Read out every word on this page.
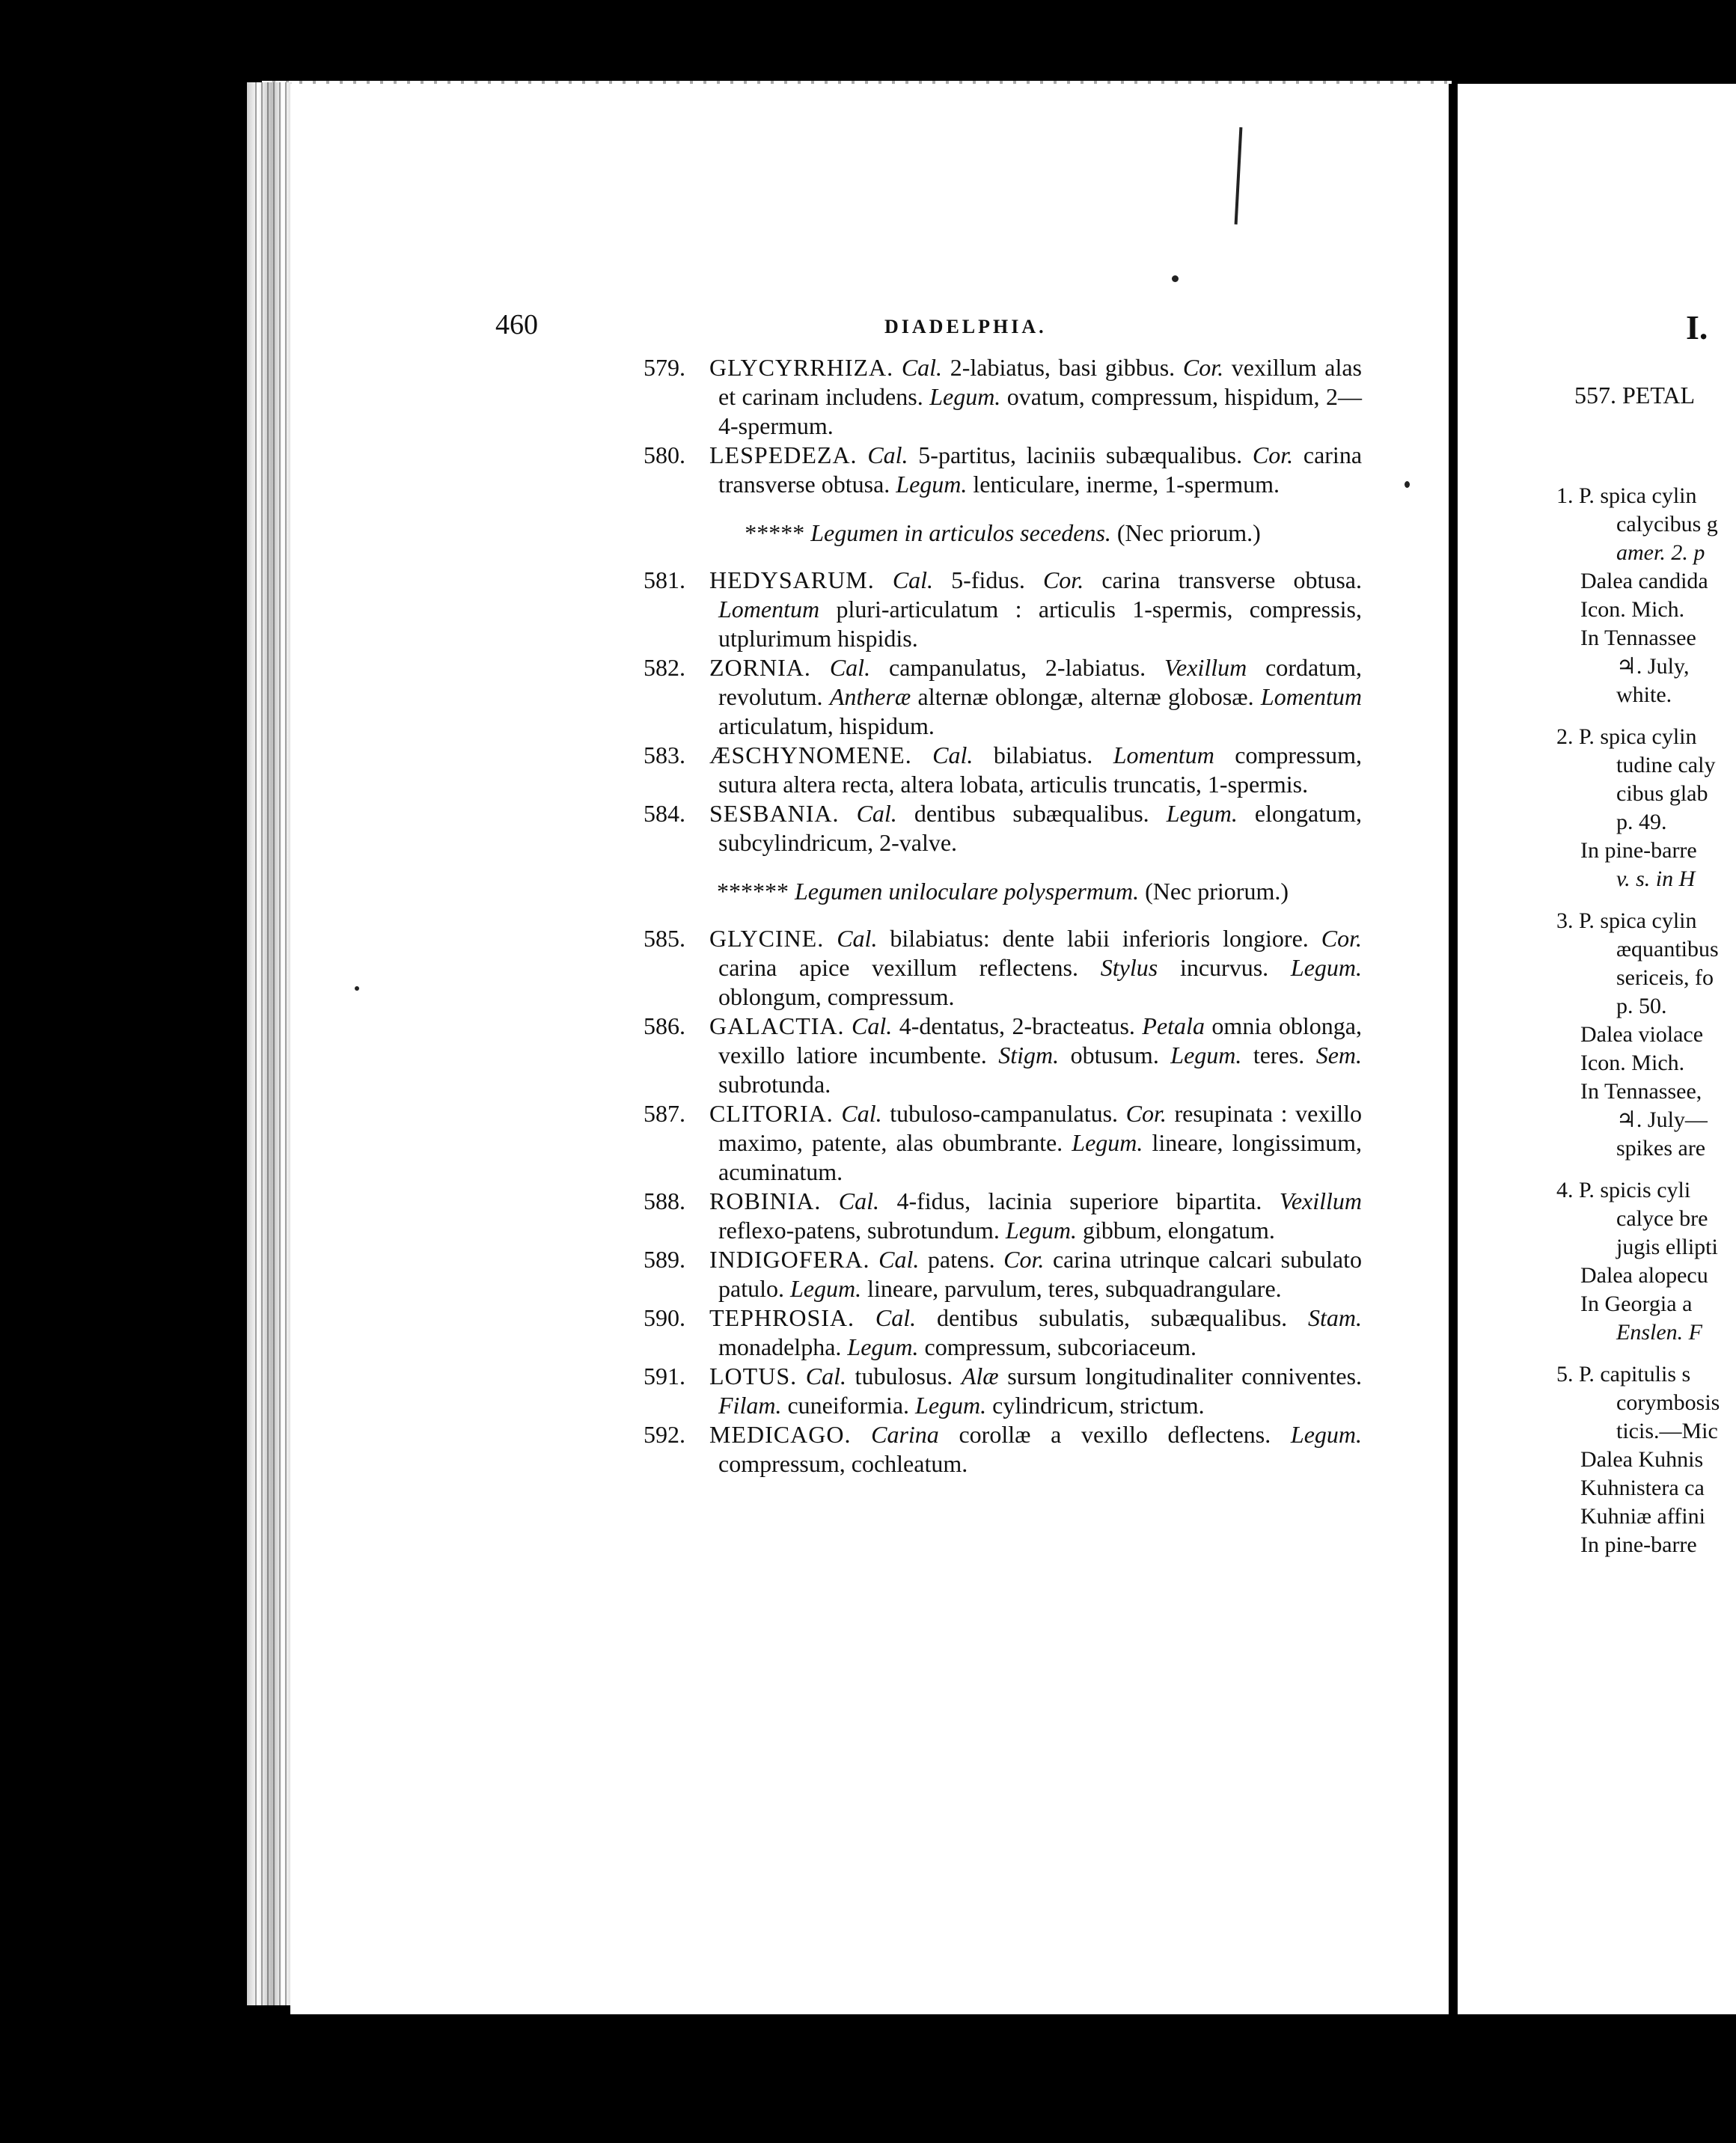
I.
557. PETAL
1. P. spica cylin
calycibus g
amer. 2. p
Dalea candida
Icon. Mich.
In Tennassee
♃. July,
white.
2. P. spica cylin
tudine caly
cibus glab
p. 49.
In pine-barre
v. s. in H
3. P. spica cylin
æquantibus
sericeis, fo
p. 50.
Dalea violace
Icon. Mich.
In Tennassee,
♃. July—
spikes are
4. P. spicis cyli
calyce bre
jugis ellipti
Dalea alopecu
In Georgia a
Enslen. F
5. P. capitulis s
corymbosis
ticis.—Mic
Dalea Kuhnis
Kuhnistera ca
Kuhniæ affini
In pine-barre
460	DIADELPHIA.

579. GLYCYRRHIZA. Cal. 2-labiatus, basi gibbus. Cor. vexillum alas et carinam includens. Legum. ovatum, compressum, hispidum, 2—4-spermum.

580. LESPEDEZA. Cal. 5-partitus, laciniis subæqualibus. Cor. carina transverse obtusa. Legum. lenticulare, inerme, 1-spermum.

***** Legumen in articulos secedens. (Nec priorum.)

581. HEDYSARUM. Cal. 5-fidus. Cor. carina transverse obtusa. Lomentum pluri-articulatum : articulis 1-spermis, compressis, utplurimum hispidis.

582. ZORNIA. Cal. campanulatus, 2-labiatus. Vexillum cordatum, revolutum. Antheræ alternæ oblongæ, alternæ globosæ. Lomentum articulatum, hispidum.

583. ÆSCHYNOMENE. Cal. bilabiatus. Lomentum compressum, sutura altera recta, altera lobata, articulis truncatis, 1-spermis.

584. SESBANIA. Cal. dentibus subæqualibus. Legum. elongatum, subcylindricum, 2-valve.

****** Legumen uniloculare polyspermum. (Nec priorum.)

585. GLYCINE. Cal. bilabiatus: dente labii inferioris longiore. Cor. carina apice vexillum reflectens. Stylus incurvus. Legum. oblongum, compressum.

586. GALACTIA. Cal. 4-dentatus, 2-bracteatus. Petala omnia oblonga, vexillo latiore incumbente. Stigm. obtusum. Legum. teres. Sem. subrotunda.

587. CLITORIA. Cal. tubuloso-campanulatus. Cor. resupinata : vexillo maximo, patente, alas obumbrante. Legum. lineare, longissimum, acuminatum.

588. ROBINIA. Cal. 4-fidus, lacinia superiore bipartita. Vexillum reflexo-patens, subrotundum. Legum. gibbum, elongatum.

589. INDIGOFERA. Cal. patens. Cor. carina utrinque calcari subulato patulo. Legum. lineare, parvulum, teres, subquadrangulare.

590. TEPHROSIA. Cal. dentibus subulatis, subæqualibus. Stam. monadelpha. Legum. compressum, subcoriaceum.

591. LOTUS. Cal. tubulosus. Alæ sursum longitudinaliter conniventes. Filam. cuneiformia. Legum. cylindricum, strictum.

592. MEDICAGO. Carina corollæ a vexillo deflectens. Legum. compressum, cochleatum.
